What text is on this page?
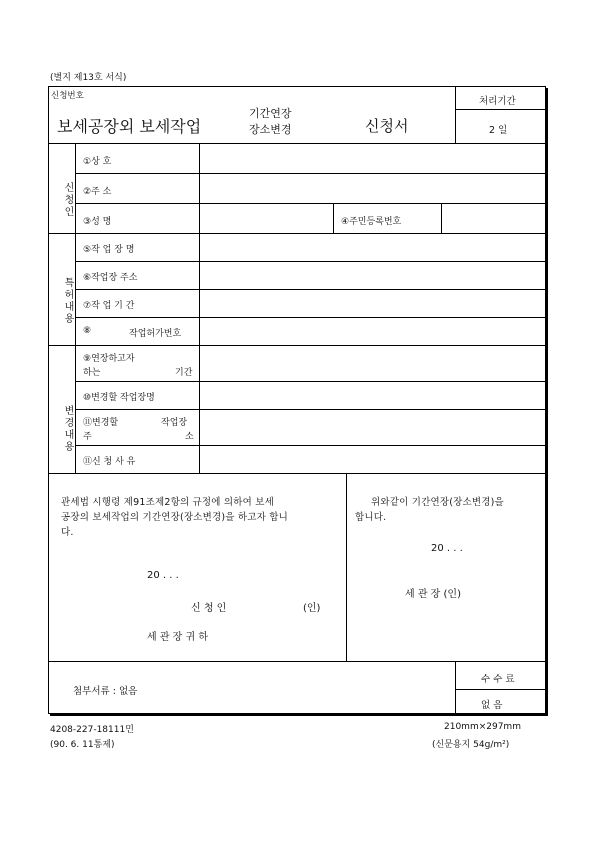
(별지 제13호 서식)
신청번호
보세공장외 보세작업
기간연장
장소변경	신청서
처리기간
2 일
신청인
①상 호
②주 소
③성 명	④주민등록번호
특허내용
⑤작 업 장 명
⑥작업장 주소
⑦작 업 기 간
⑧	작업허가번호
변경내용
⑨연장하고자
하는	기간
⑩변경할 작업장명
⑪변경할	작업장
주	소
⑪신 청 사 유
관세법 시행령 제91조제2항의 규정에 의하여 보세
공장의 보세작업의 기간연장(장소변경)을 하고자 합니
다.
20 . . .
신 청 인	(인)
세 관 장 귀 하
위와같이 기간연장(장소변경)을
합니다.
20 . . .
세 관 장 (인)
첨부서류 : 없음
수 수 료
없 음
4208-227-18111민
(90. 6. 11통제)
210mm×297mm
(신문용지 54g/m²)
